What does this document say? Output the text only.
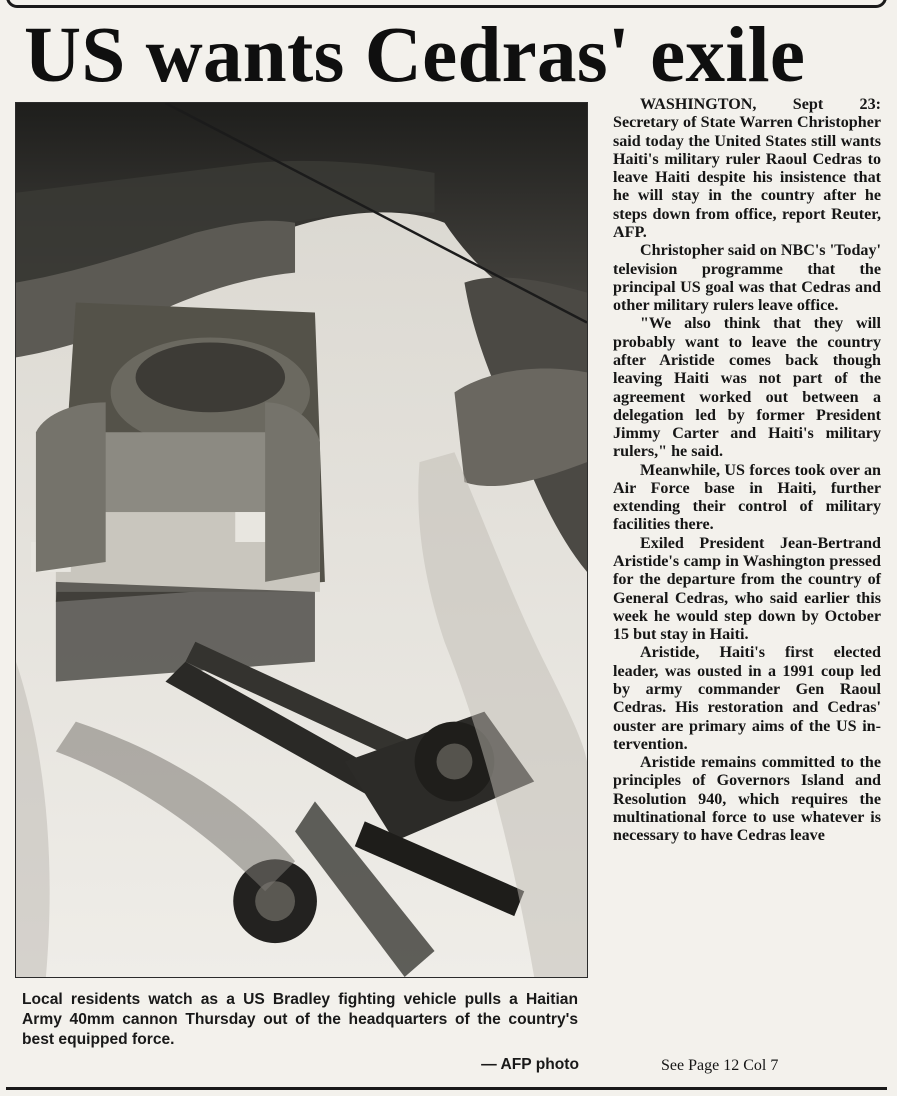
US wants Cedras' exile

Local residents watch as a US Bradley fighting vehicle pulls a Haitian Army 40mm cannon Thursday out of the headquarters of the country's best equipped force.

— AFP photo

WASHINGTON, Sept 23: Secretary of State Warren Christopher said today the United States still wants Haiti's military ruler Raoul Cedras to leave Haiti despite his insistence that he will stay in the country after he steps down from office, report Reuter, AFP.

Christopher said on NBC's 'Today' television programme that the principal US goal was that Cedras and other military rulers leave office.

"We also think that they will probably want to leave the country after Aristide comes back though leaving Haiti was not part of the agreement worked out between a delegation led by former President Jimmy Carter and Haiti's military rulers," he said.

Meanwhile, US forces took over an Air Force base in Haiti, further extending their control of military facilities there.

Exiled President Jean-Bertrand Aristide's camp in Washington pressed for the departure from the country of General Cedras, who said earlier this week he would step down by October 15 but stay in Haiti.

Aristide, Haiti's first elected leader, was ousted in a 1991 coup led by army commander Gen Raoul Cedras. His restoration and Cedras' ouster are primary aims of the US intervention.

Aristide remains committed to the principles of Governors Island and Resolution 940, which requires the multinational force to use whatever is necessary to have Cedras leave

See Page 12 Col 7
